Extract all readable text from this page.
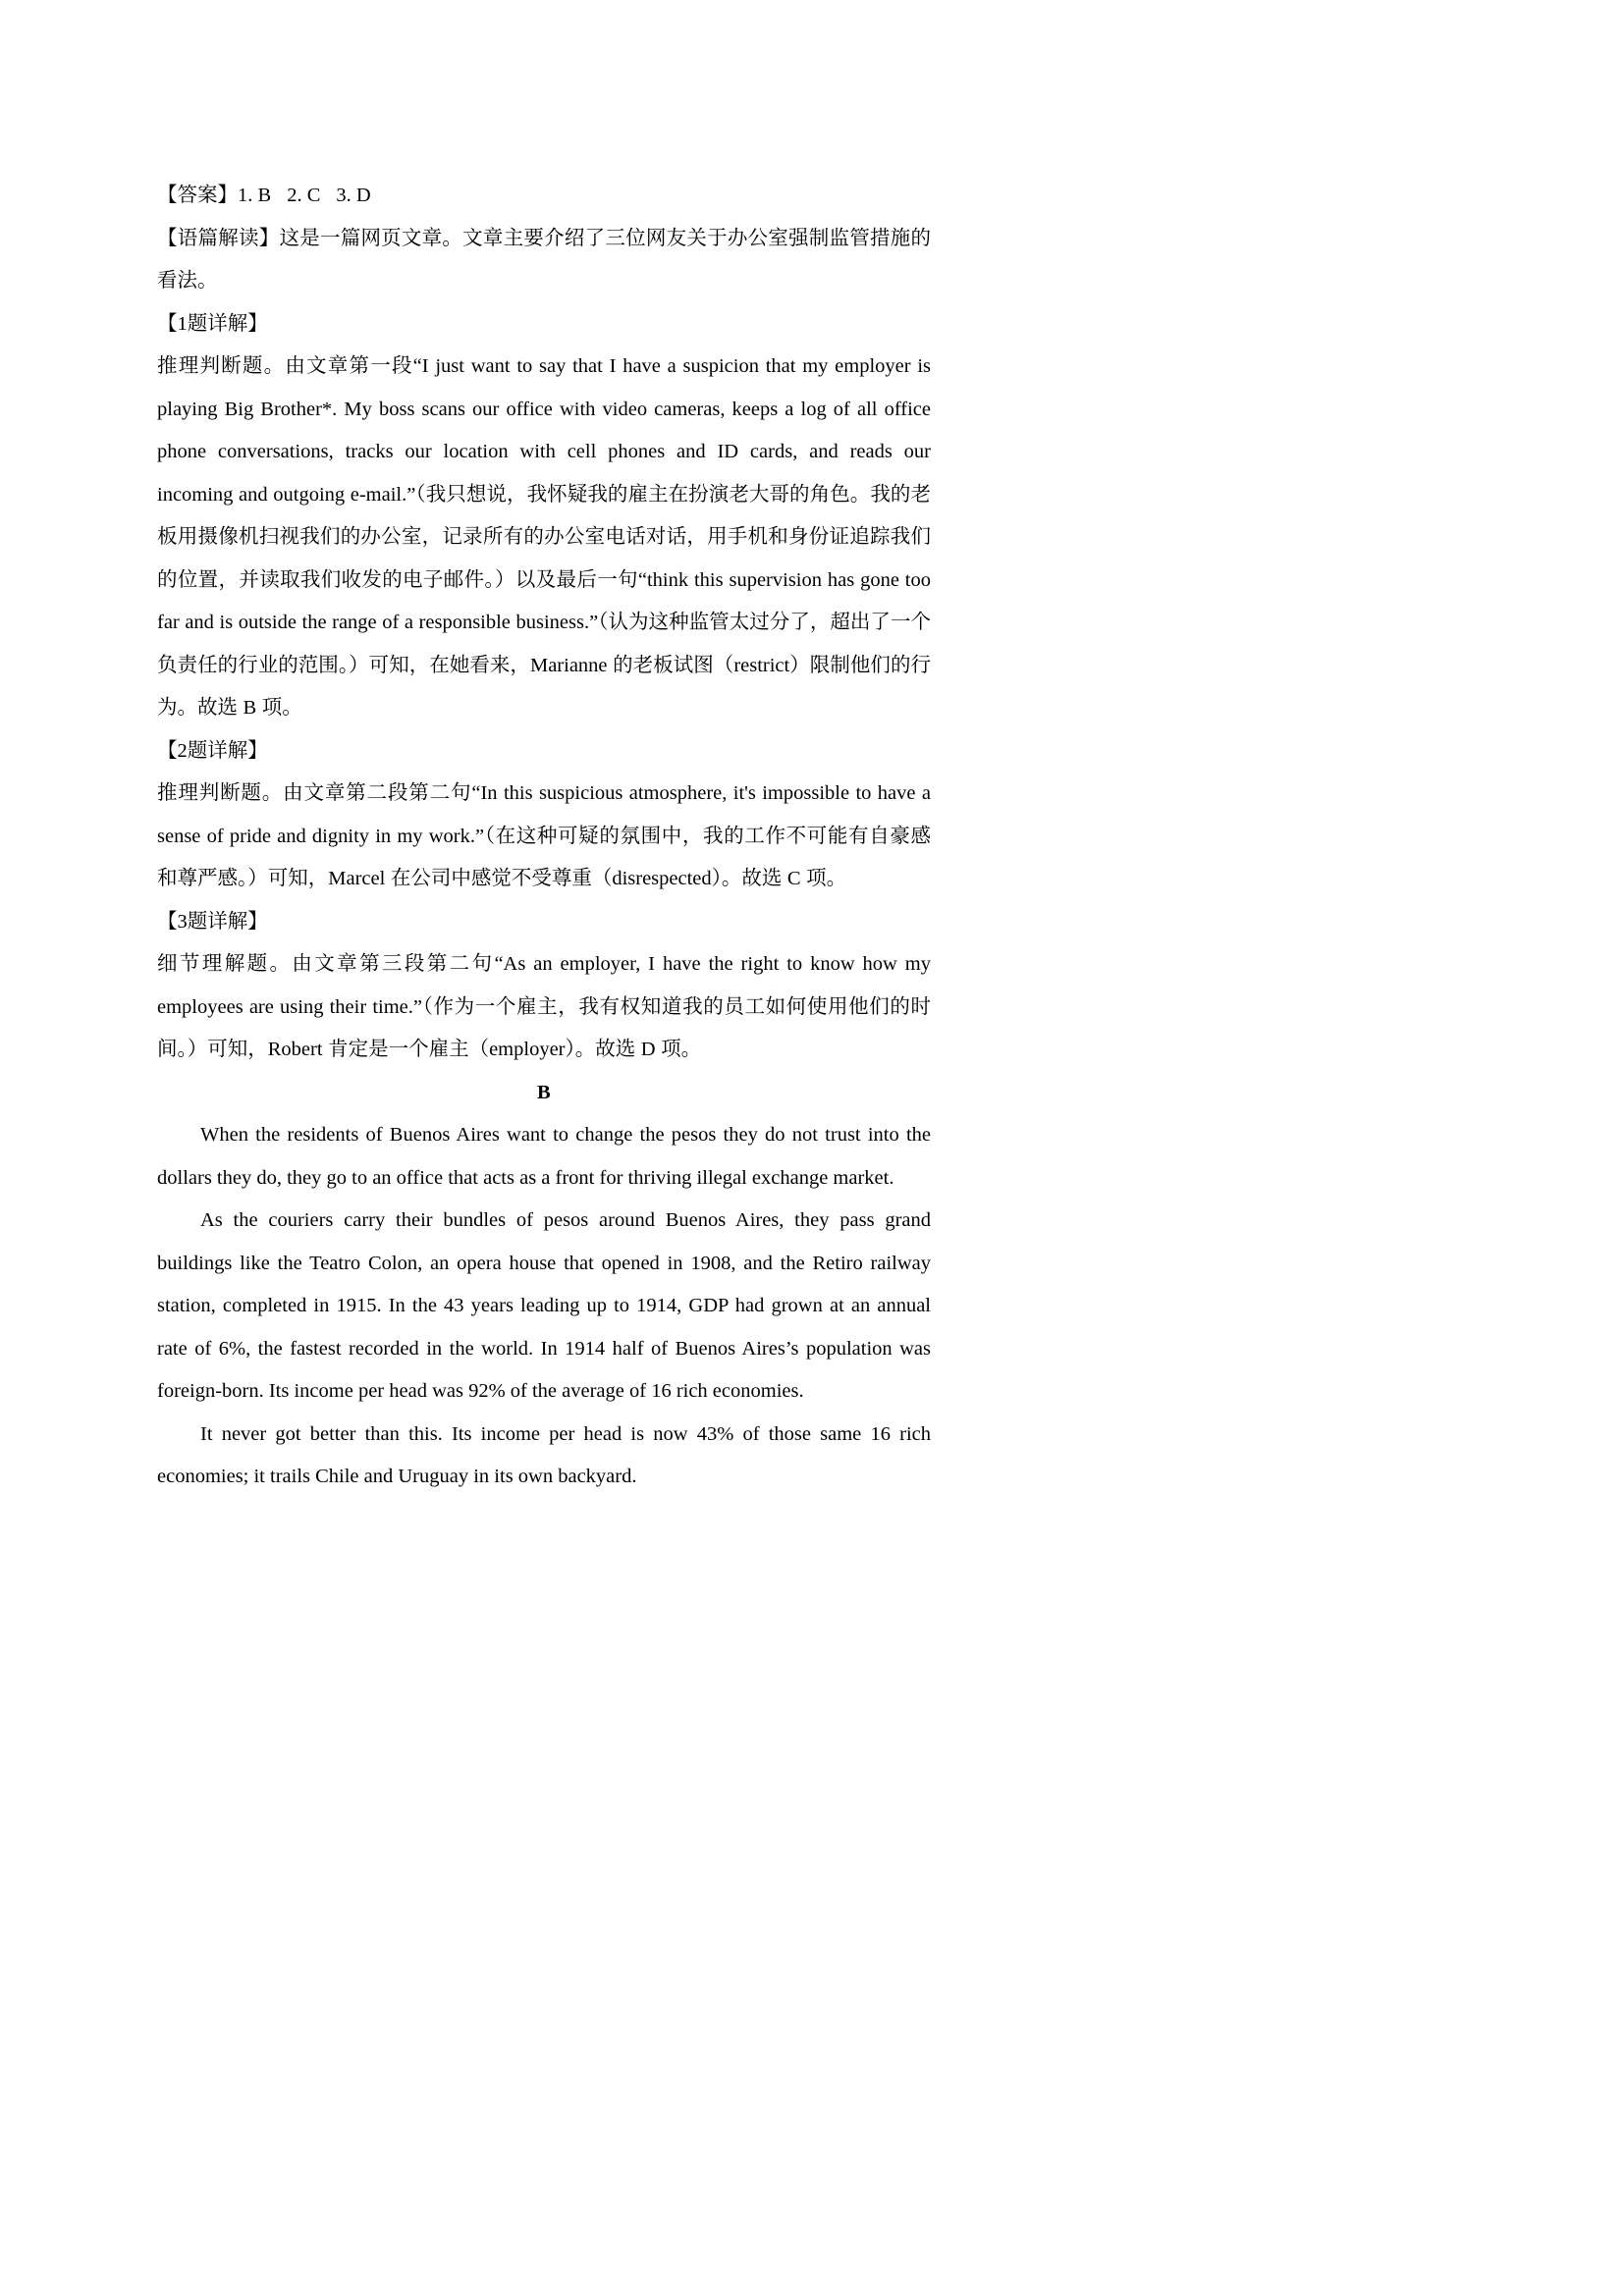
【答案】1. B 2. C 3. D

【语篇解读】这是一篇网页文章。文章主要介绍了三位网友关于办公室强制监管措施的看法。

【1题详解】

推理判断题。由文章第一段“I just want to say that I have a suspicion that my employer is playing Big Brother*. My boss scans our office with video cameras, keeps a log of all office phone conversations, tracks our location with cell phones and ID cards, and reads our incoming and outgoing e-mail.”（我只想说，我怀疑我的雇主在扮演老大哥的角色。我的老板用摄像机扫视我们的办公室，记录所有的办公室电话对话，用手机和身份证追踪我们的位置，并读取我们收发的电子邮件。）以及最后一句“think this supervision has gone too far and is outside the range of a responsible business.”（认为这种监管太过分了，超出了一个负责任的行业的范围。）可知，在她看来，Marianne 的老板试图（restrict）限制他们的行为。故选 B 项。

【2题详解】

推理判断题。由文章第二段第二句“In this suspicious atmosphere, it's impossible to have a sense of pride and dignity in my work.”（在这种可疑的氛围中，我的工作不可能有自豪感和尊严感。）可知，Marcel 在公司中感觉不受尊重（disrespected）。故选 C 项。

【3题详解】

细节理解题。由文章第三段第二句“As an employer, I have the right to know how my employees are using their time.”（作为一个雇主，我有权知道我的员工如何使用他们的时间。）可知，Robert 肯定是一个雇主（employer）。故选 D 项。

B

When the residents of Buenos Aires want to change the pesos they do not trust into the dollars they do, they go to an office that acts as a front for thriving illegal exchange market.

As the couriers carry their bundles of pesos around Buenos Aires, they pass grand buildings like the Teatro Colon, an opera house that opened in 1908, and the Retiro railway station, completed in 1915. In the 43 years leading up to 1914, GDP had grown at an annual rate of 6%, the fastest recorded in the world. In 1914 half of Buenos Aires’s population was foreign-born. Its income per head was 92% of the average of 16 rich economies.

It never got better than this. Its income per head is now 43% of those same 16 rich economies; it trails Chile and Uruguay in its own backyard.
